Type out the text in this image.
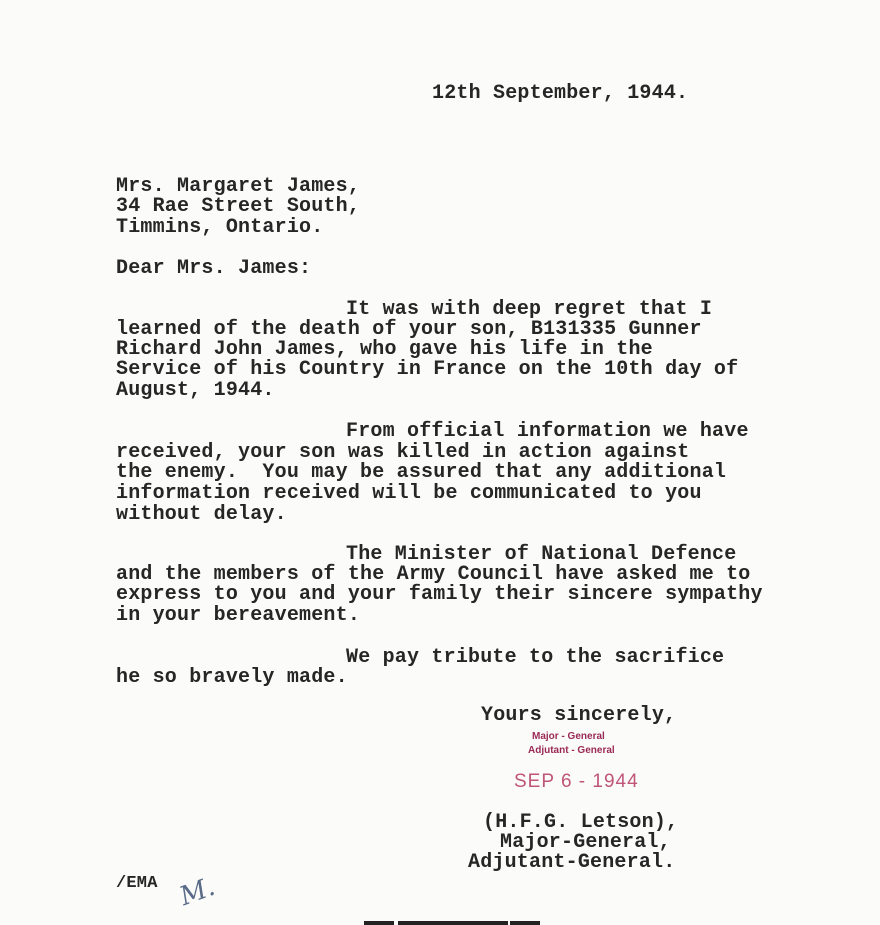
12th September, 1944.
Mrs. Margaret James,
34 Rae Street South,
Timmins, Ontario.
Dear Mrs. James:
It was with deep regret that I
learned of the death of your son, B131335 Gunner
Richard John James, who gave his life in the
Service of his Country in France on the 10th day of
August, 1944.
From official information we have
received, your son was killed in action against
the enemy.  You may be assured that any additional
information received will be communicated to you
without delay.
The Minister of National Defence
and the members of the Army Council have asked me to
express to you and your family their sincere sympathy
in your bereavement.
We pay tribute to the sacrifice
he so bravely made.
Yours sincerely,
Major - General
Adjutant - General
SEP 6 - 1944
(H.F.G. Letson),
Major-General,
Adjutant-General.
/EMA M.
